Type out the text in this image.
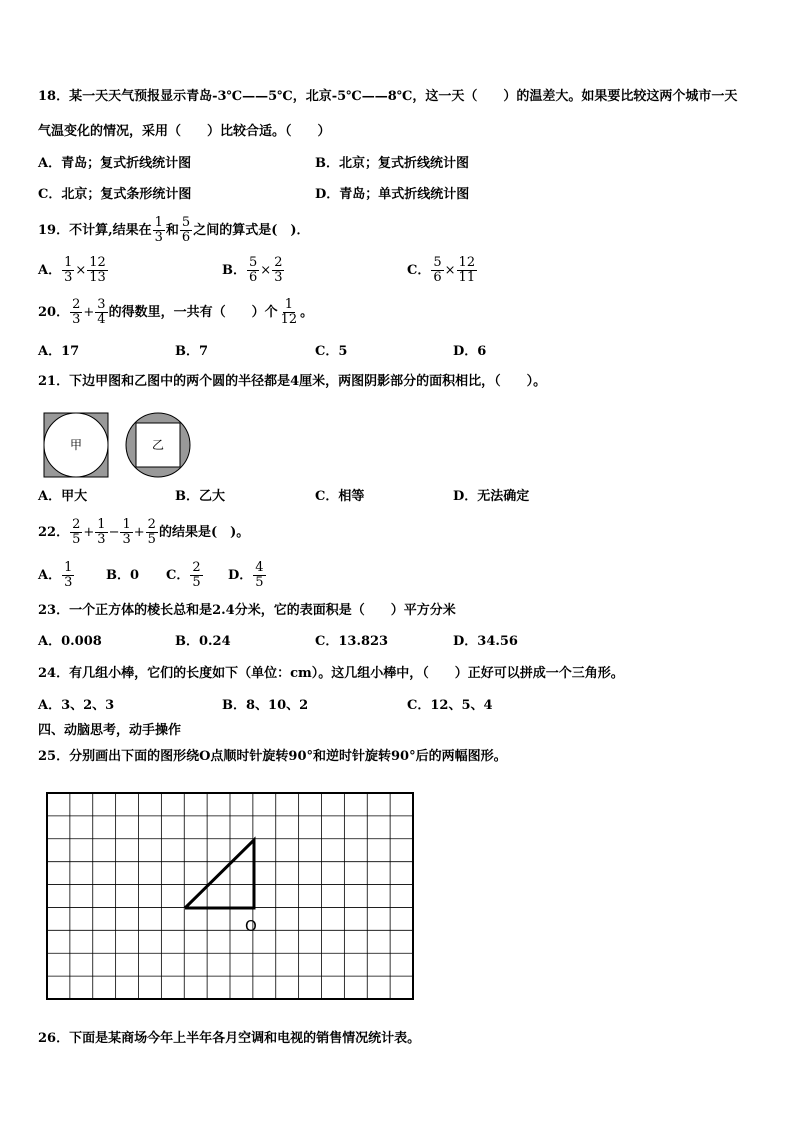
18．某一天天气预报显示青岛-3℃——5℃，北京-5℃——8℃，这一天（　　）的温差大。如果要比较这两个城市一天
气温变化的情况，采用（　　）比较合适。（　　）
A．青岛；复式折线统计图	B．北京；复式折线统计图
C．北京；复式条形统计图	D．青岛；单式折线统计图
19．不计算,结果在 $\frac{1}{3}$ 和 $\frac{5}{6}$ 之间的算式是(　)．
A． $\frac{1}{3} \times \frac{12}{13}$	B． $\frac{5}{6} \times \frac{2}{3}$	C． $\frac{5}{6} \times \frac{12}{11}$
20． $\frac{2}{3} + \frac{3}{4}$ 的得数里，一共有（　　）个 $\frac{1}{12}$ 。
A．17	B．7	C．5	D．6
21．下边甲图和乙图中的两个圆的半径都是4厘米，两图阴影部分的面积相比，（　　）。
甲	乙
A．甲大	B．乙大	C．相等	D．无法确定
22． $\frac{2}{5} + \frac{1}{3} - \frac{1}{3} + \frac{2}{5}$ 的结果是(　)。
A． $\frac{1}{3}$ B．0 C． $\frac{2}{5}$ D． $\frac{4}{5}$
23．一个正方体的棱长总和是2.4分米，它的表面积是（　　）平方分米
A．0.008	B．0.24	C．13.823	D．34.56
24．有几组小棒，它们的长度如下（单位：cm）。这几组小棒中，（　　）正好可以拼成一个三角形。
A．3、2、3	B．8、10、2	C．12、5、4
四、动脑思考，动手操作
25．分别画出下面的图形绕O点顺时针旋转90°和逆时针旋转90°后的两幅图形。
O
26．下面是某商场今年上半年各月空调和电视的销售情况统计表。
